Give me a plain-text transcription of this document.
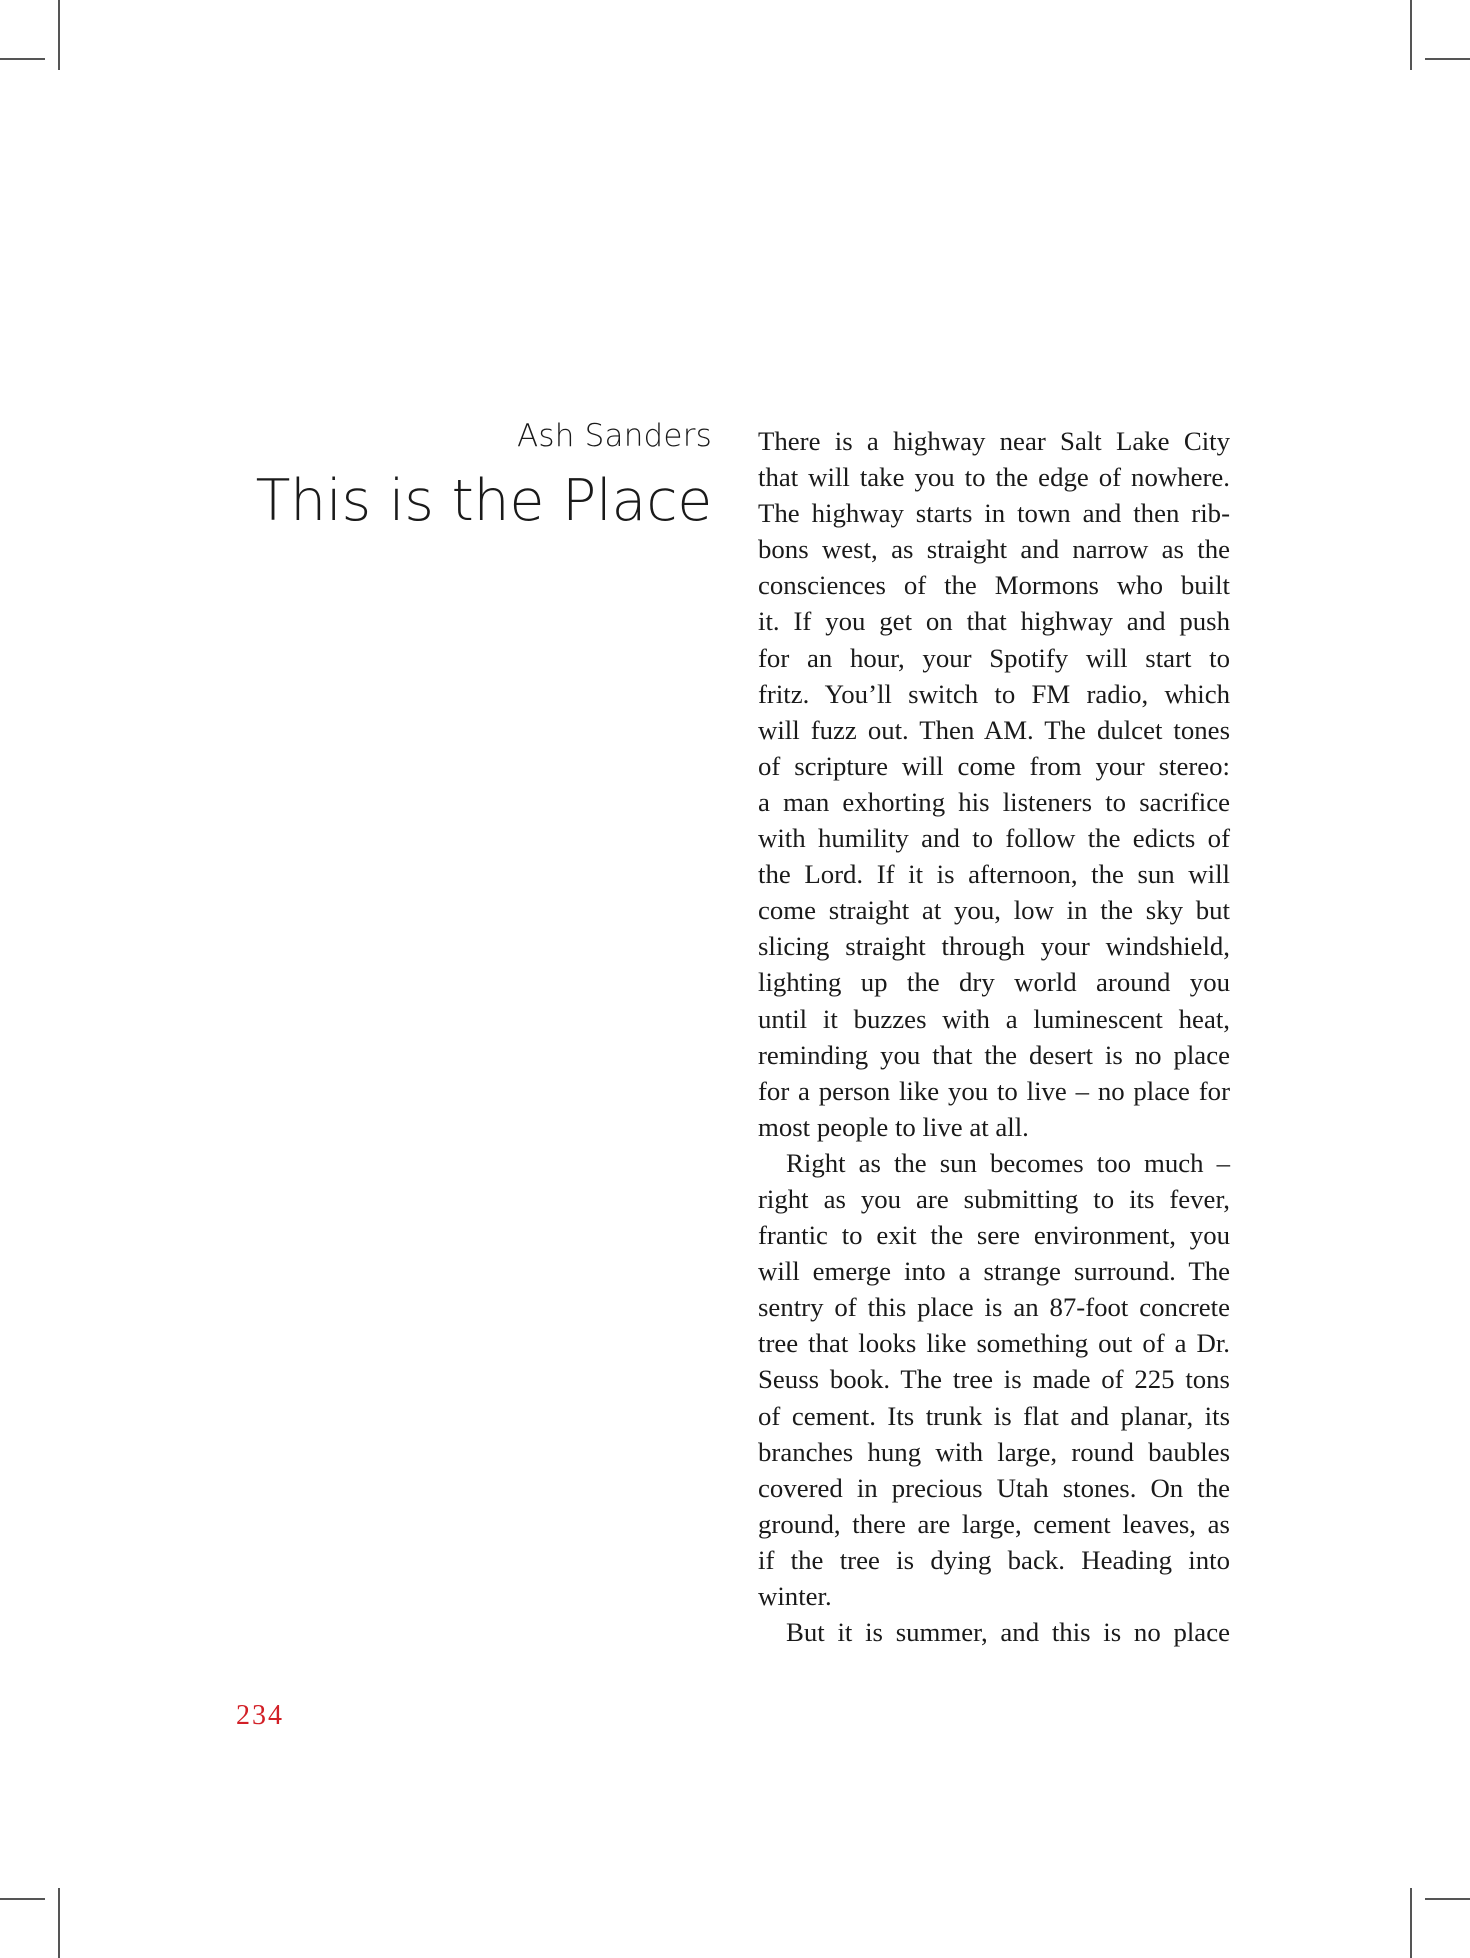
Ash Sanders
This is the Place
There is a highway near Salt Lake City
that will take you to the edge of nowhere.
The highway starts in town and then rib-
bons west, as straight and narrow as the
consciences of the Mormons who built
it. If you get on that highway and push
for an hour, your Spotify will start to
fritz. You’ll switch to FM radio, which
will fuzz out. Then AM. The dulcet tones
of scripture will come from your stereo:
a man exhorting his listeners to sacrifice
with humility and to follow the edicts of
the Lord. If it is afternoon, the sun will
come straight at you, low in the sky but
slicing straight through your windshield,
lighting up the dry world around you
until it buzzes with a luminescent heat,
reminding you that the desert is no place
for a person like you to live – no place for
most people to live at all.
Right as the sun becomes too much –
right as you are submitting to its fever,
frantic to exit the sere environment, you
will emerge into a strange surround. The
sentry of this place is an 87-foot concrete
tree that looks like something out of a Dr.
Seuss book. The tree is made of 225 tons
of cement. Its trunk is flat and planar, its
branches hung with large, round baubles
covered in precious Utah stones. On the
ground, there are large, cement leaves, as
if the tree is dying back. Heading into
winter.
But it is summer, and this is no place
234
